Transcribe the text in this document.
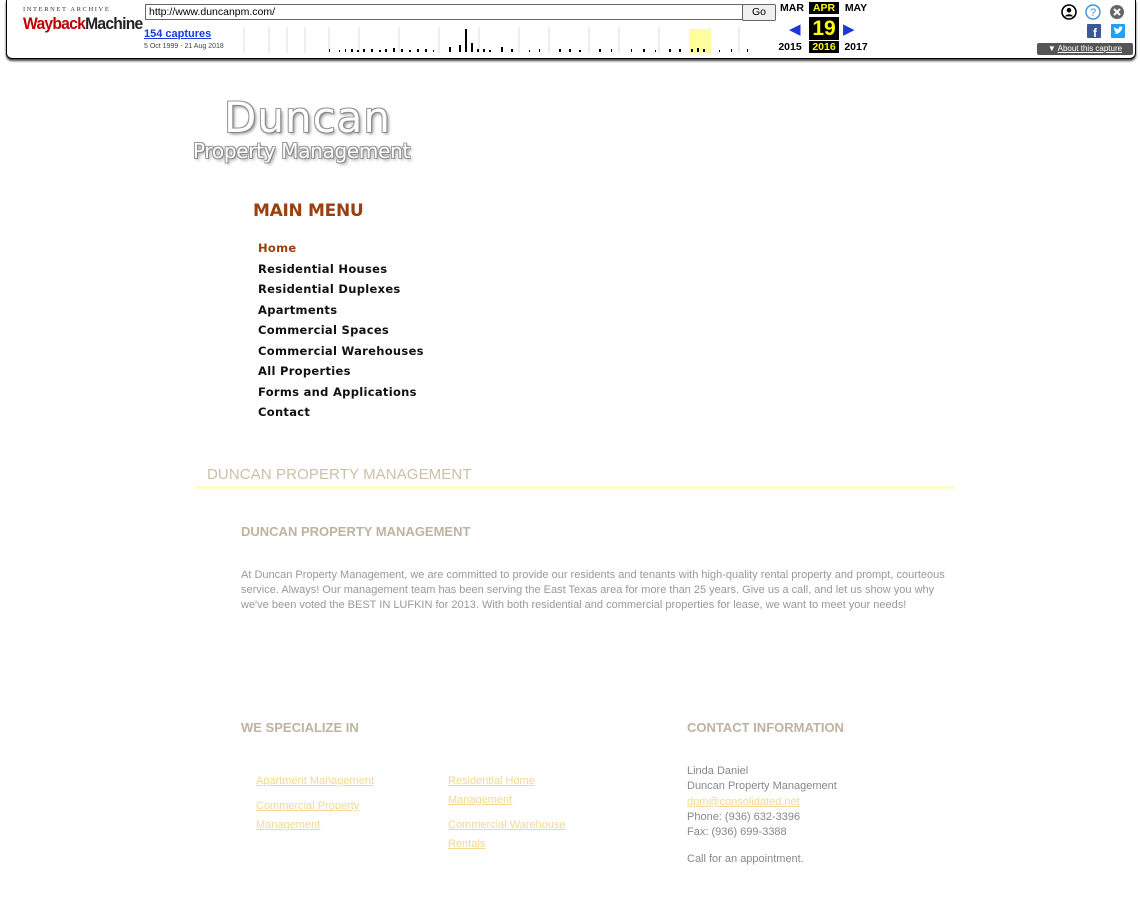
INTERNET ARCHIVE
WaybackMachine
http://www.duncanpm.com/	Go
154 captures
5 Oct 1999 - 21 Aug 2018
MAR APR MAY
◀ 19 ▶
2015	2016 2017
?
f
▼ About this capture
Duncan
Property Management
MAIN MENU
Home
Residential Houses
Residential Duplexes
Apartments
Commercial Spaces
Commercial Warehouses
All Properties
Forms and Applications
Contact
DUNCAN PROPERTY MANAGEMENT
DUNCAN PROPERTY MANAGEMENT
At Duncan Property Management, we are committed to provide our residents and tenants with high-quality rental property and prompt, courteous service. Always! Our management team has been serving the East Texas area for more than 25 years. Give us a call, and let us show you why we've been voted the BEST IN LUFKIN for 2013. With both residential and commercial properties for lease, we want to meet your needs!
WE SPECIALIZE IN
Apartment Management
Commercial Property Management
Residential Home Management
Commercial Warehouse Rentals
CONTACT INFORMATION
Linda Daniel
Duncan Property Management
dpm@consolidated.net
Phone: (936) 632-3396
Fax: (936) 699-3388
Call for an appointment.
